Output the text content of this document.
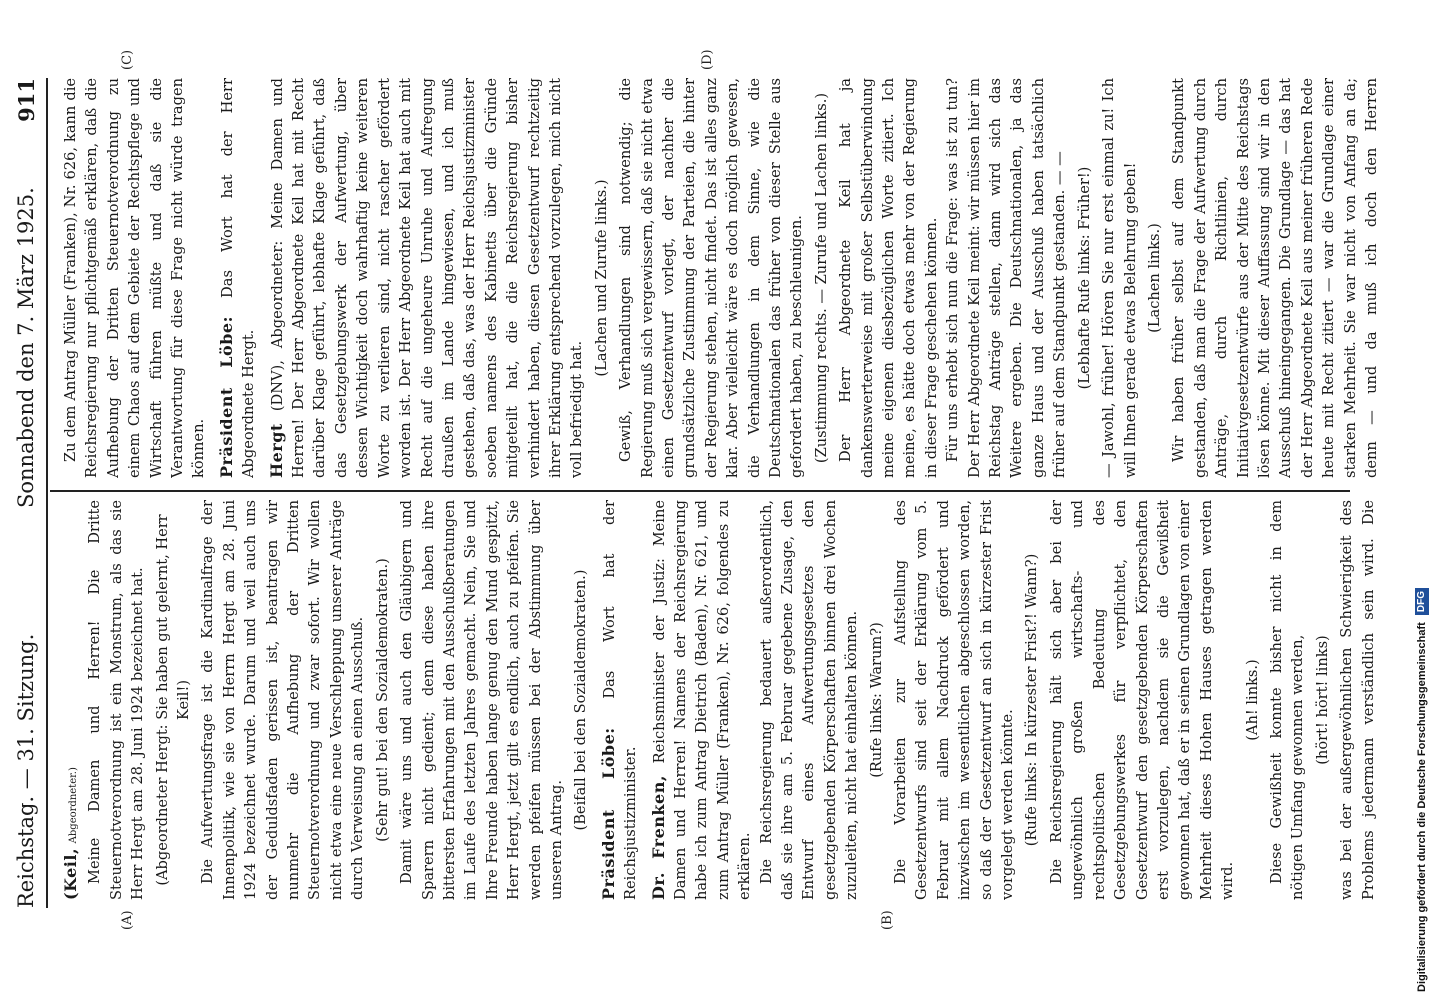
Reichstag. — 31. Sitzung.
Sonnabend den 7. März 1925.
911
(A)	(B)
(C)	(D)

(Keil, Abgeordneter.) Meine Damen und Herren! Die Dritte Steuernotverordnung ist ein Monstrum, als das sie Herr Hergt am 28. Juni 1924 bezeichnet hat. (Abgeordneter Hergt: Sie haben gut gelernt, Herr Keil!) Die Aufwertungsfrage ist die Kardinalfrage der Innenpolitik, wie sie von Herrn Hergt am 28. Juni 1924 bezeichnet wurde. Darum und weil auch uns der Geduldsfaden gerissen ist, beantragen wir nunmehr die Aufhebung der Dritten Steuernotverordnung und zwar sofort. Wir wollen nicht etwa eine neue Verschleppung unserer Anträge durch Verweisung an einen Ausschuß. (Sehr gut! bei den Sozialdemokraten.) Damit wäre uns und auch den Gläubigern und Sparern nicht gedient; denn diese haben ihre bittersten Erfahrungen mit den Ausschußberatungen im Laufe des letzten Jahres gemacht. Nein, Sie und Ihre Freunde haben lange genug den Mund gespitzt, Herr Hergt, jetzt gilt es endlich, auch zu pfeifen. Sie werden pfeifen müssen bei der Abstimmung über unseren Antrag.

(Beifall bei den Sozialdemokraten.) Präsident Löbe: Das Wort hat der Reichsjustizminister. Dr. Frenken, Reichsminister der Justiz: Meine Damen und Herren! Namens der Reichsregierung habe ich zum Antrag Dietrich (Baden), Nr. 621, und zum Antrag Müller (Franken), Nr. 626, folgendes zu erklären. Die Reichsregierung bedauert außerordentlich, daß sie ihre am 5. Februar gegebene Zusage, den Entwurf eines Aufwertungsgesetzes den gesetzgebenden Körperschaften binnen drei Wochen zuzuleiten, nicht hat einhalten können. (Rufe links: Warum?) Die Vorarbeiten zur Aufstellung des Gesetzentwurfs sind seit der Erklärung vom 5. Februar mit allem Nachdruck gefördert und inzwischen im wesentlichen abgeschlossen worden, so daß der Gesetzentwurf an sich in kürzester Frist vorgelegt werden könnte. (Rufe links: In kürzester Frist?! Wann?) Die Reichsregierung hält sich aber bei der ungewöhnlich großen wirtschafts- und rechtspolitischen Bedeutung des Gesetzgebungswerkes für verpflichtet, den Gesetzentwurf den gesetzgebenden Körperschaften erst vorzulegen, nachdem sie die Gewißheit gewonnen hat, daß er in seinen Grundlagen von einer Mehrheit dieses Hohen Hauses getragen werden wird.

(Ah! links.) Diese Gewißheit konnte bisher nicht in dem nötigen Umfang gewonnen werden, (hört! hört! links)

was bei der außergewöhnlichen Schwierigkeit des Problems jedermann verständlich sein wird. Die

Zu dem Antrag Müller (Franken), Nr. 626, kann die Reichsregierung nur pflichtgemäß erklären, daß die Aufhebung der Dritten Steuernotverordnung zu einem Chaos auf dem Gebiete der Rechtspflege und Wirtschaft führen müßte und daß sie die Verantwortung für diese Frage nicht würde tragen können. Präsident Löbe: Das Wort hat der Herr Abgeordnete Hergt. Hergt (DNV), Abgeordneter: Meine Damen und Herren! Der Herr Abgeordnete Keil hat mit Recht darüber Klage geführt, lebhafte Klage geführt, daß das Gesetzgebungswerk der Aufwertung, über dessen Wichtigkeit doch wahrhaftig keine weiteren Worte zu verlieren sind, nicht rascher gefördert worden ist. Der Herr Abgeordnete Keil hat auch mit Recht auf die ungeheure Unruhe und Aufregung draußen im Lande hingewiesen, und ich muß gestehen, daß das, was der Herr Reichsjustizminister soeben namens des Kabinetts über die Gründe mitgeteilt hat, die die Reichsregierung bisher verhindert haben, diesen Gesetzentwurf rechtzeitig ihrer Erklärung entsprechend vorzulegen, mich nicht voll befriedigt hat.

(Lachen und Zurufe links.) Gewiß, Verhandlungen sind notwendig; die Regierung muß sich vergewissern, daß sie nicht etwa einen Gesetzentwurf vorlegt, der nachher die grundsätzliche Zustimmung der Parteien, die hinter der Regierung stehen, nicht findet. Das ist alles ganz klar. Aber vielleicht wäre es doch möglich gewesen, die Verhandlungen in dem Sinne, wie die Deutschnationalen das früher von dieser Stelle aus gefordert haben, zu beschleunigen. (Zustimmung rechts. — Zurufe und Lachen links.) Der Herr Abgeordnete Keil hat ja dankenswerterweise mit großer Selbstüberwindung meine eigenen diesbezüglichen Worte zitiert. Ich meine, es hätte doch etwas mehr von der Regierung in dieser Frage geschehen können. Für uns erhebt sich nun die Frage: was ist zu tun? Der Herr Abgeordnete Keil meint: wir müssen hier im Reichstag Anträge stellen, dann wird sich das Weitere ergeben. Die Deutschnationalen, ja das ganze Haus und der Ausschuß haben tatsächlich früher auf dem Standpunkt gestanden. — — (Lebhafte Rufe links: Früher!) — Jawohl, früher! Hören Sie nur erst einmal zu! Ich will Ihnen gerade etwas Belehrung geben! (Lachen links.)

Wir haben früher selbst auf dem Standpunkt gestanden, daß man die Frage der Aufwertung durch Anträge, durch Richtlinien, durch Initiativgesetzentwürfe aus der Mitte des Reichstags lösen könne. Mit dieser Auffassung sind wir in den Ausschuß hineingegangen. Die Grundlage — das hat der Herr Abgeordnete Keil aus meiner früheren Rede heute mit Recht zitiert — war die Grundlage einer starken Mehrheit. Sie war nicht von Anfang an da; denn — und da muß ich doch den Herren

Digitalisierung gefördert durch die Deutsche Forschungsgemeinschaft DFG
